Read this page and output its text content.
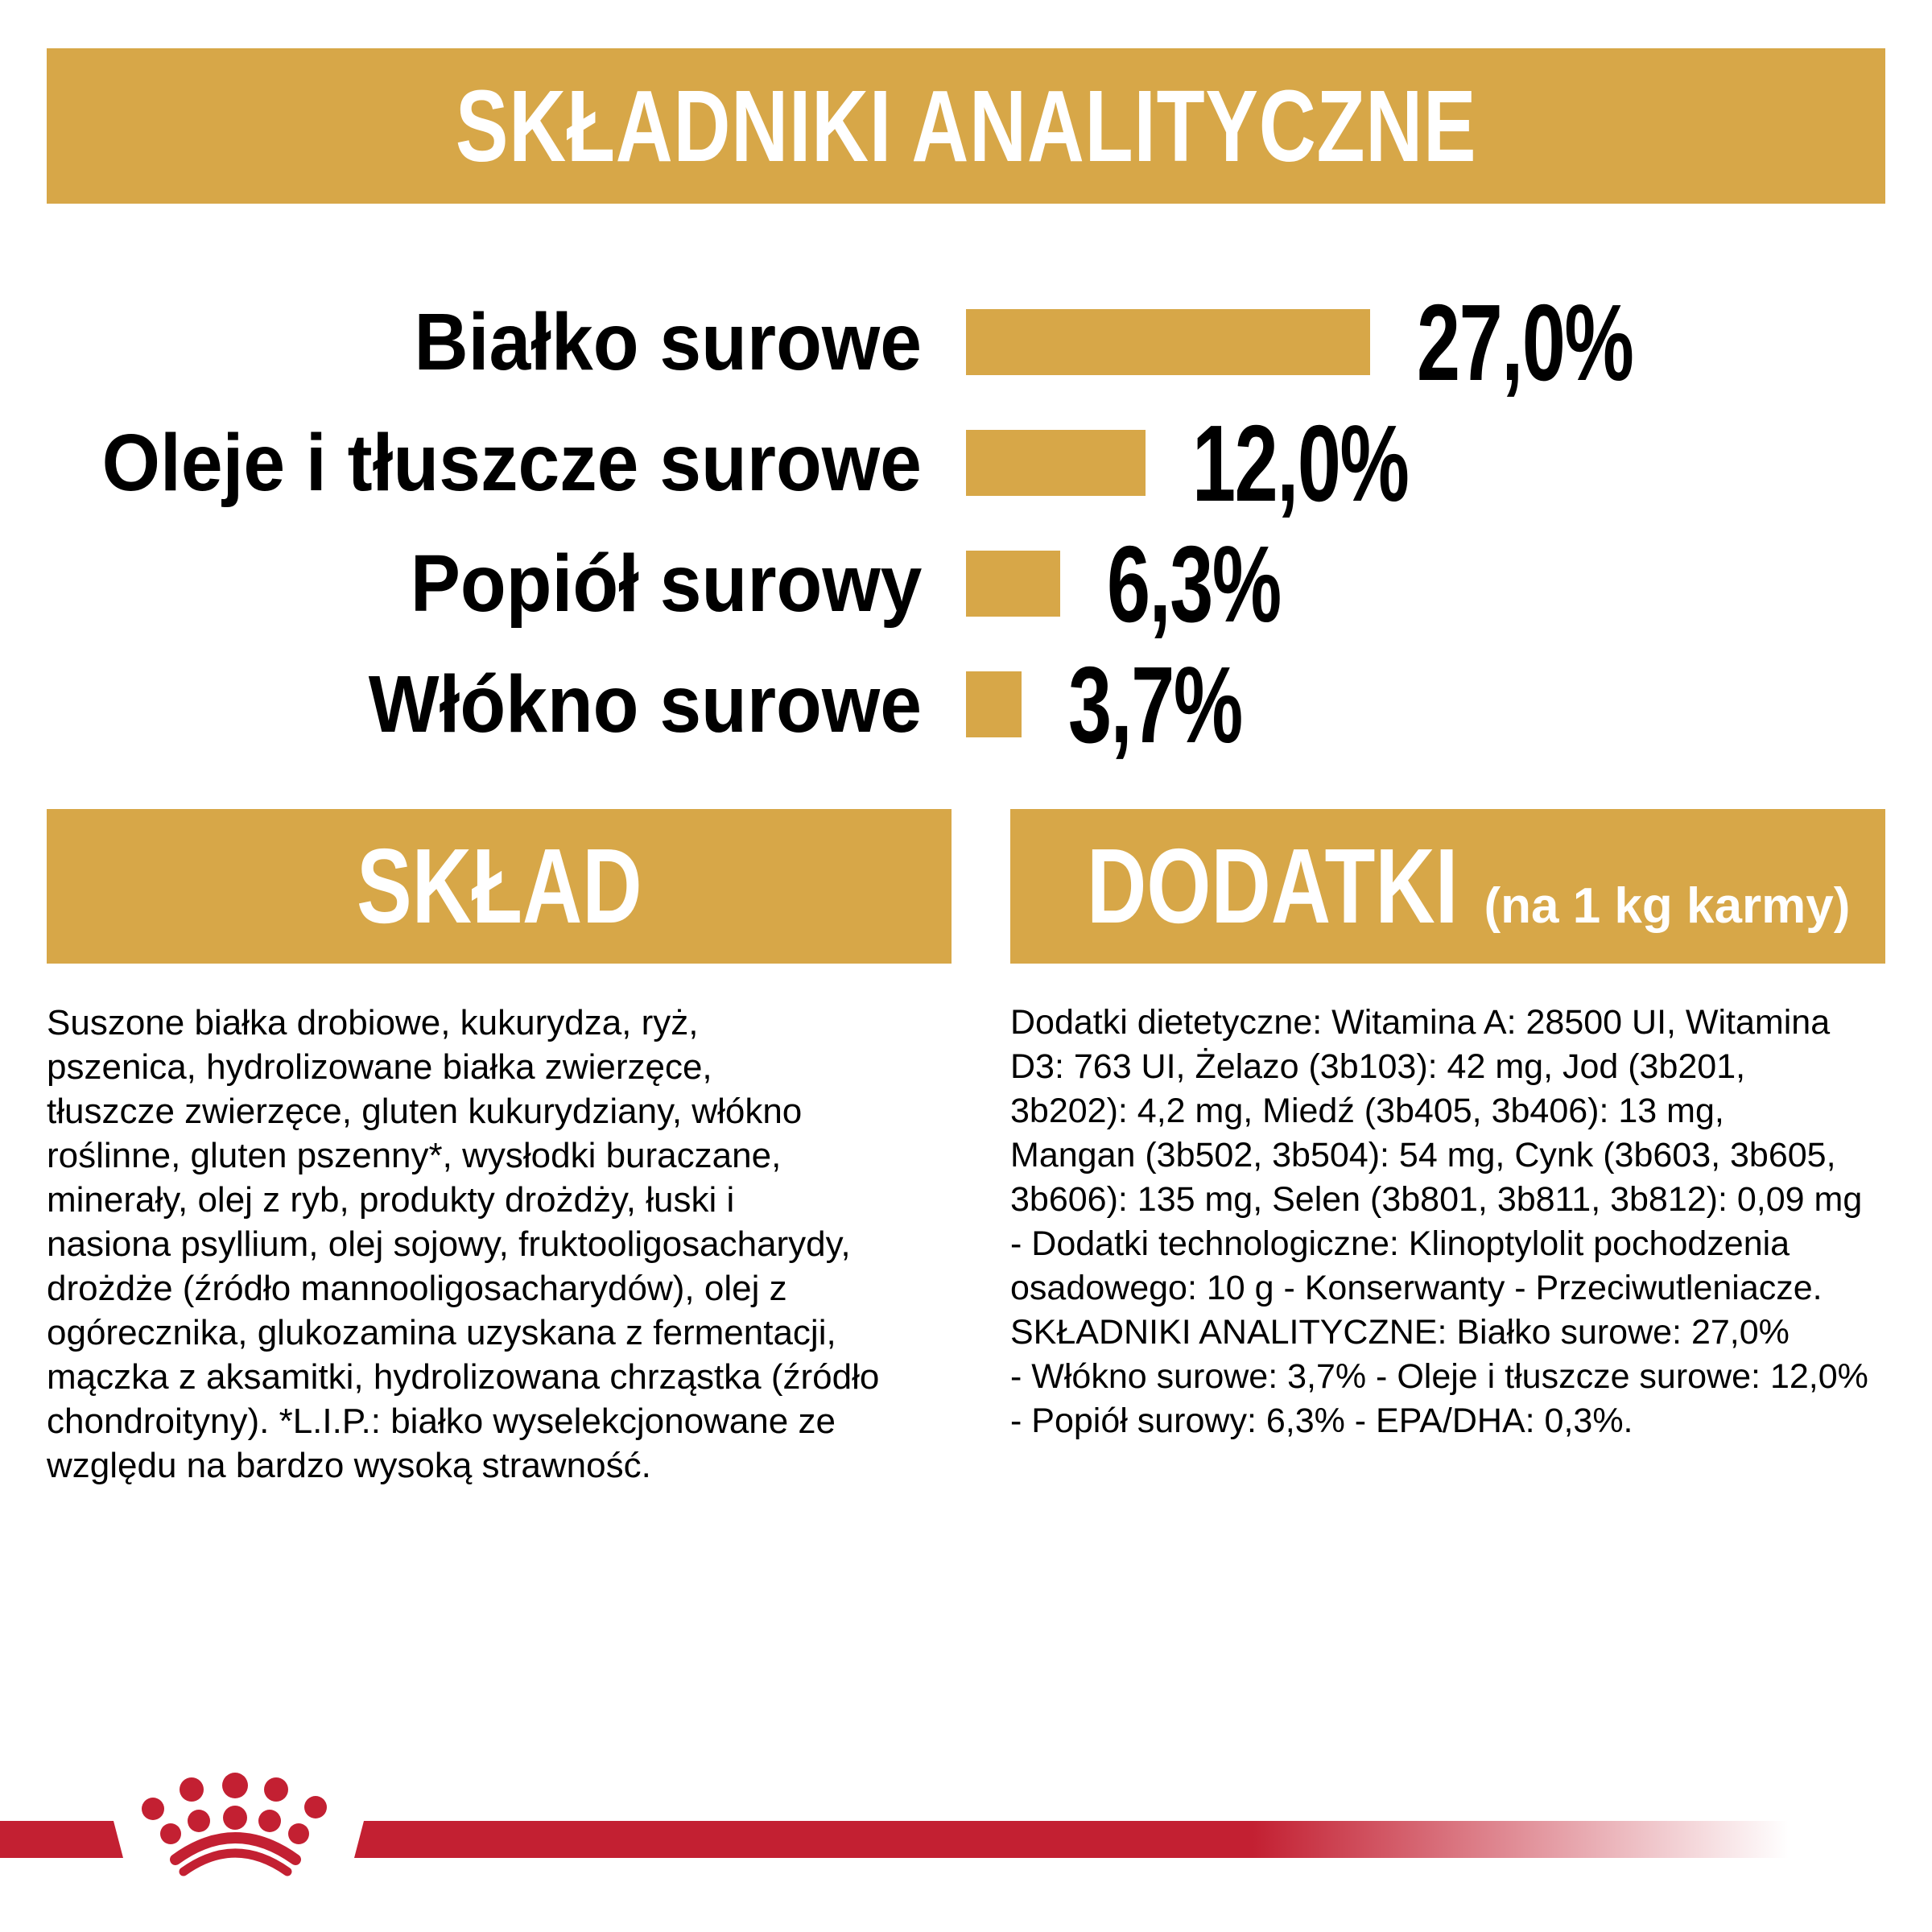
SKŁADNIKI ANALITYCZNE
Białko surowe	27,0%
Oleje i tłuszcze surowe 12,0%
Popiół surowy 6,3%
Włókno surowe 3,7%
SKŁAD
Suszone białka drobiowe, kukurydza, ryż,
pszenica, hydrolizowane białka zwierzęce,
tłuszcze zwierzęce, gluten kukurydziany, włókno
roślinne, gluten pszenny*, wysłodki buraczane,
minerały, olej z ryb, produkty drożdży, łuski i
nasiona psyllium, olej sojowy, fruktooligosacharydy,
drożdże (źródło mannooligosacharydów), olej z
ogórecznika, glukozamina uzyskana z fermentacji,
mączka z aksamitki, hydrolizowana chrząstka (źródło
chondroityny). *L.I.P.: białko wyselekcjonowane ze
względu na bardzo wysoką strawność.
DODATKI (na 1 kg karmy)
Dodatki dietetyczne: Witamina A: 28500 UI, Witamina
D3: 763 UI, Żelazo (3b103): 42 mg, Jod (3b201,
3b202): 4,2 mg, Miedź (3b405, 3b406): 13 mg,
Mangan (3b502, 3b504): 54 mg, Cynk (3b603, 3b605,
3b606): 135 mg, Selen (3b801, 3b811, 3b812): 0,09 mg
- Dodatki technologiczne: Klinoptylolit pochodzenia
osadowego: 10 g - Konserwanty - Przeciwutleniacze.
SKŁADNIKI ANALITYCZNE: Białko surowe: 27,0%
- Włókno surowe: 3,7% - Oleje i tłuszcze surowe: 12,0%
- Popiół surowy: 6,3% - EPA/DHA: 0,3%.
